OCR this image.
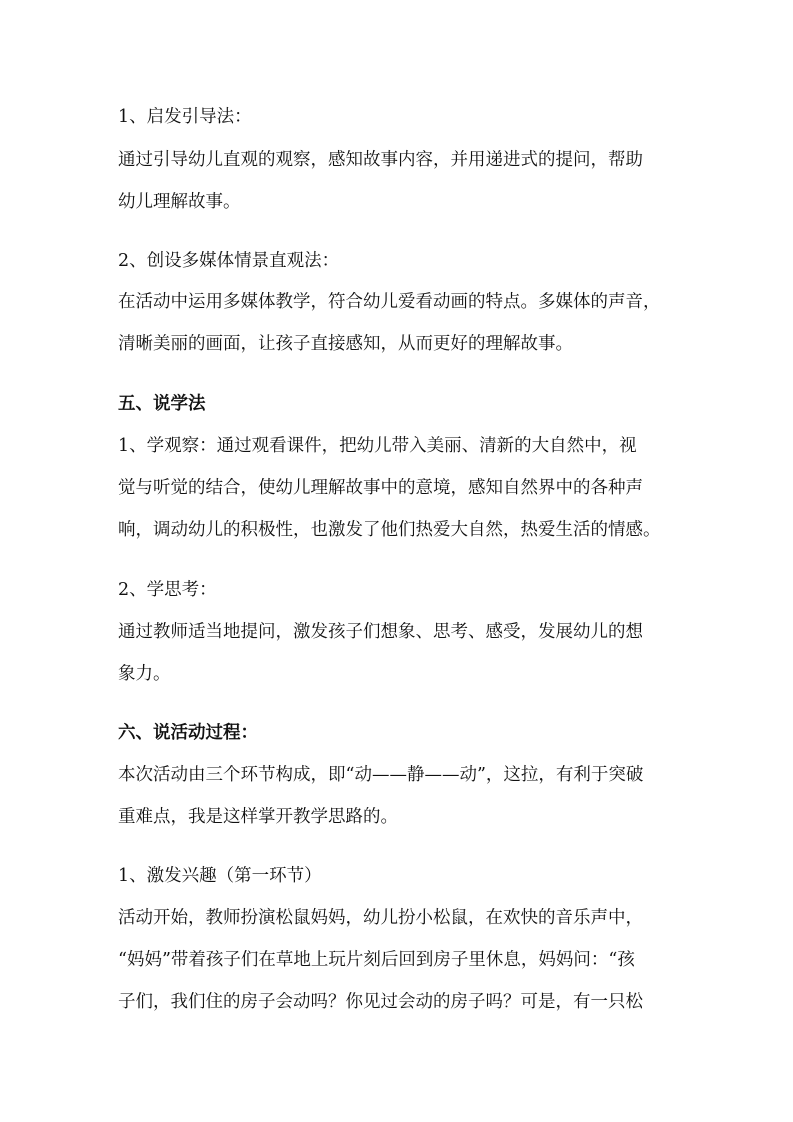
1、启发引导法：

通过引导幼儿直观的观察，感知故事内容，并用递进式的提问，帮助

幼儿理解故事。

2、创设多媒体情景直观法：

在活动中运用多媒体教学，符合幼儿爱看动画的特点。多媒体的声音，

清晰美丽的画面，让孩子直接感知，从而更好的理解故事。

五、说学法

1、学观察：通过观看课件，把幼儿带入美丽、清新的大自然中，视

觉与听觉的结合，使幼儿理解故事中的意境，感知自然界中的各种声

响，调动幼儿的积极性，也激发了他们热爱大自然，热爱生活的情感。

2、学思考：

通过教师适当地提问，激发孩子们想象、思考、感受，发展幼儿的想

象力。

六、说活动过程：

本次活动由三个环节构成，即“动——静——动”，这拉，有利于突破

重难点，我是这样掌开教学思路的。

1、激发兴趣（第一环节）

活动开始，教师扮演松鼠妈妈，幼儿扮小松鼠，在欢快的音乐声中，

“妈妈”带着孩子们在草地上玩片刻后回到房子里休息，妈妈问：“孩

子们，我们住的房子会动吗？你见过会动的房子吗？可是，有一只松
